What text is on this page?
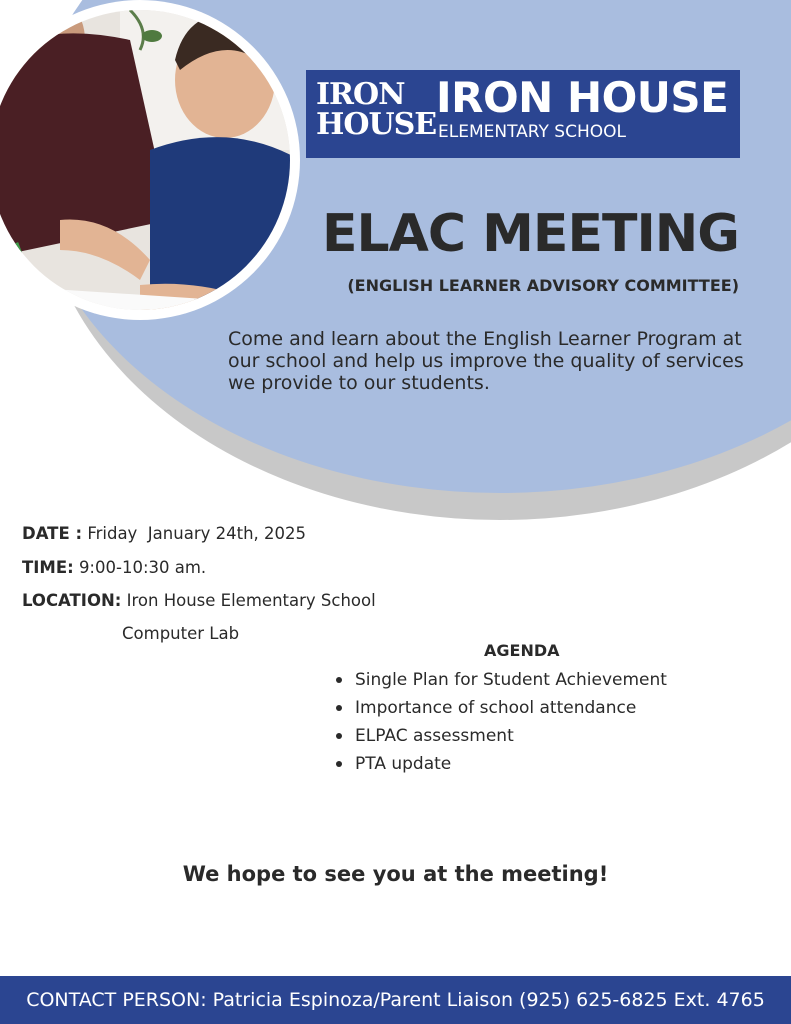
IRON
HOUSE
IRON HOUSE
ELEMENTARY SCHOOL
ELAC MEETING
(ENGLISH LEARNER ADVISORY COMMITTEE)
Come and learn about the English Learner Program at our school and help us improve the quality of services we provide to our students.
DATE : Friday  January 24th, 2025
TIME: 9:00-10:30 am.
LOCATION: Iron House Elementary School
Computer Lab
AGENDA
Single Plan for Student Achievement
Importance of school attendance
ELPAC assessment
PTA update
We hope to see you at the meeting!
CONTACT PERSON: Patricia Espinoza/Parent Liaison (925) 625-6825 Ext. 4765
